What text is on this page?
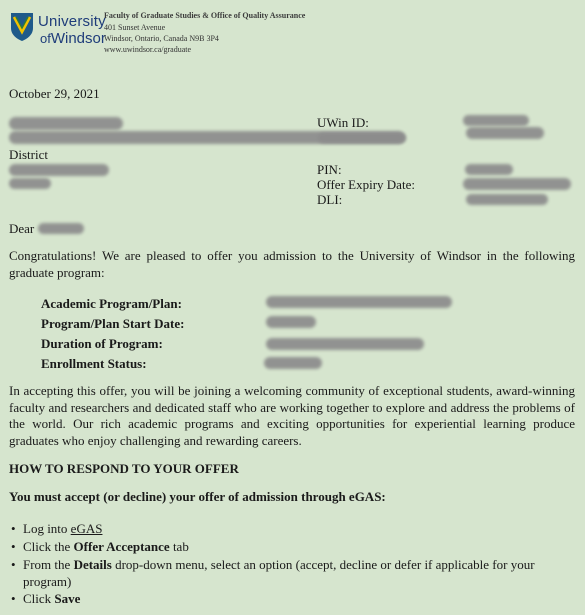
University
ofWindsor
Faculty of Graduate Studies & Office of Quality Assurance
401 Sunset Avenue
Windsor, Ontario, Canada N9B 3P4
www.uwindsor.ca/graduate
October 29, 2021
District
UWin ID:
PIN:
Offer Expiry Date:
DLI:
Dear
Congratulations! We are pleased to offer you admission to the University of Windsor in the following graduate program:
Academic Program/Plan:
Program/Plan Start Date:
Duration of Program:
Enrollment Status:
In accepting this offer, you will be joining a welcoming community of exceptional students, award-winning faculty and researchers and dedicated staff who are working together to explore and address the problems of the world. Our rich academic programs and exciting opportunities for experiential learning produce graduates who enjoy challenging and rewarding careers.
HOW TO RESPOND TO YOUR OFFER
You must accept (or decline) your offer of admission through eGAS:
• Log into eGAS
• Click the Offer Acceptance tab
• From the Details drop-down menu, select an option (accept, decline or defer if applicable for your
program)
• Click Save
